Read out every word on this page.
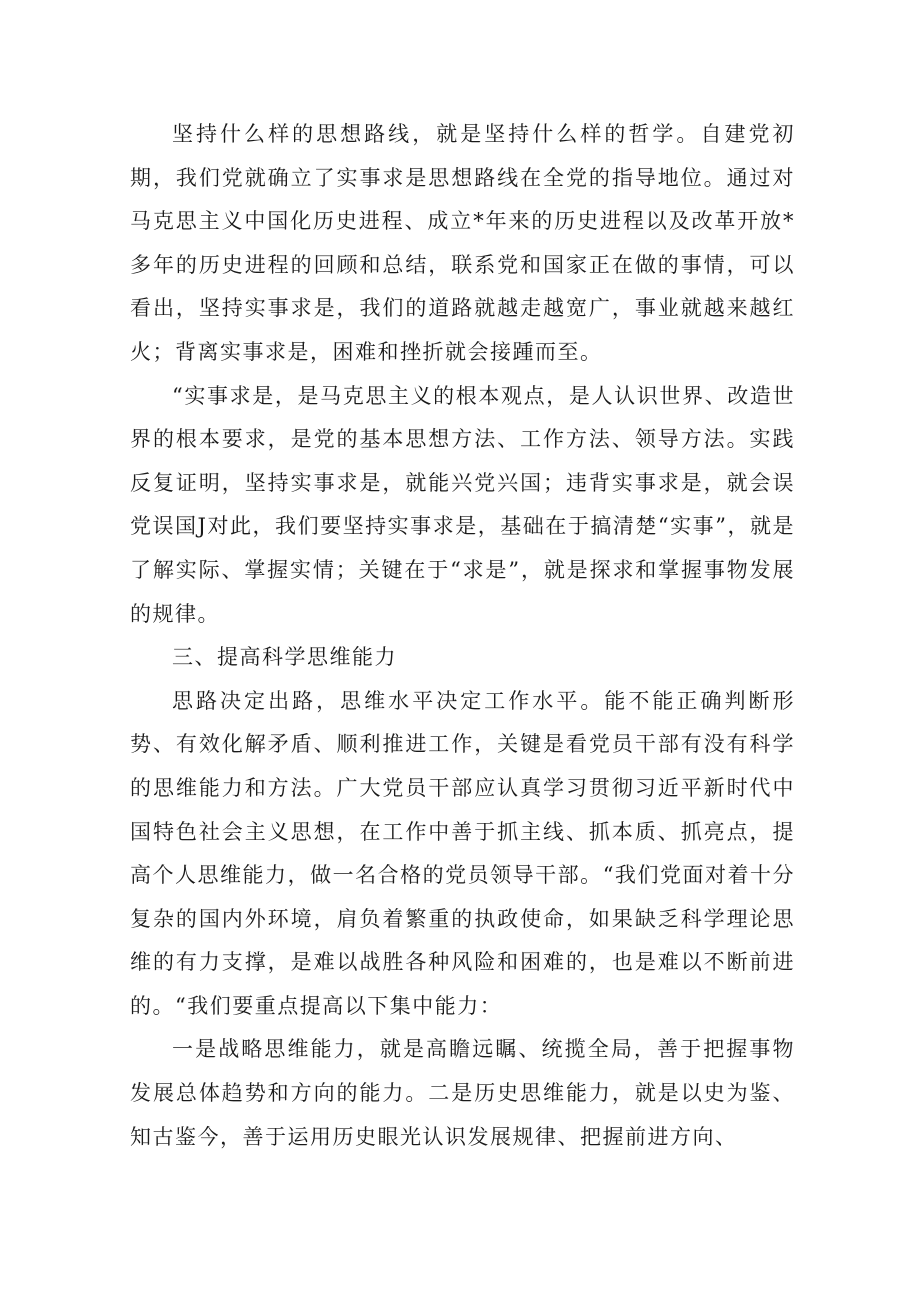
坚持什么样的思想路线，就是坚持什么样的哲学。自建党初期，我们党就确立了实事求是思想路线在全党的指导地位。通过对马克思主义中国化历史进程、成立*年来的历史进程以及改革开放*多年的历史进程的回顾和总结，联系党和国家正在做的事情，可以看出，坚持实事求是，我们的道路就越走越宽广，事业就越来越红火；背离实事求是，困难和挫折就会接踵而至。

“实事求是，是马克思主义的根本观点，是人认识世界、改造世界的根本要求，是党的基本思想方法、工作方法、领导方法。实践反复证明，坚持实事求是，就能兴党兴国；违背实事求是，就会误党误国J对此，我们要坚持实事求是，基础在于搞清楚“实事”，就是了解实际、掌握实情；关键在于“求是”，就是探求和掌握事物发展的规律。

三、提高科学思维能力

思路决定出路，思维水平决定工作水平。能不能正确判断形势、有效化解矛盾、顺利推进工作，关键是看党员干部有没有科学的思维能力和方法。广大党员干部应认真学习贯彻习近平新时代中国特色社会主义思想，在工作中善于抓主线、抓本质、抓亮点，提高个人思维能力，做一名合格的党员领导干部。“我们党面对着十分复杂的国内外环境，肩负着繁重的执政使命，如果缺乏科学理论思维的有力支撑，是难以战胜各种风险和困难的，也是难以不断前进的。“我们要重点提高以下集中能力：

一是战略思维能力，就是高瞻远瞩、统揽全局，善于把握事物发展总体趋势和方向的能力。二是历史思维能力，就是以史为鉴、知古鉴今，善于运用历史眼光认识发展规律、把握前进方向、
